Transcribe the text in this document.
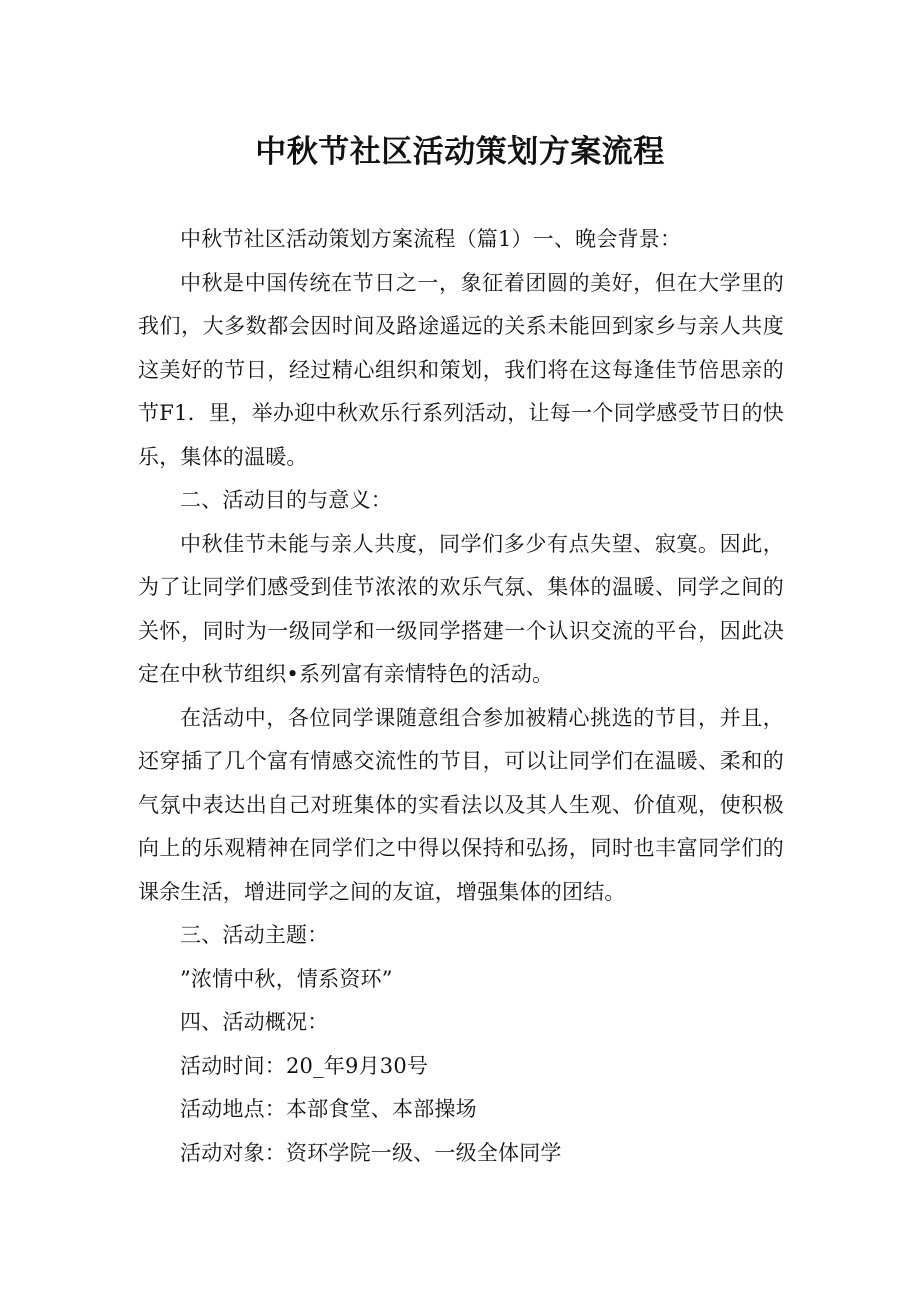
中秋节社区活动策划方案流程

中秋节社区活动策划方案流程（篇1）一、晚会背景：

中秋是中国传统在节日之一，象征着团圆的美好，但在大学里的我们，大多数都会因时间及路途遥远的关系未能回到家乡与亲人共度这美好的节日，经过精心组织和策划，我们将在这每逢佳节倍思亲的节F1．里，举办迎中秋欢乐行系列活动，让每一个同学感受节日的快乐，集体的温暖。

二、活动目的与意义：

中秋佳节未能与亲人共度，同学们多少有点失望、寂寞。因此，为了让同学们感受到佳节浓浓的欢乐气氛、集体的温暖、同学之间的关怀，同时为一级同学和一级同学搭建一个认识交流的平台，因此决定在中秋节组织•系列富有亲情特色的活动。

在活动中，各位同学课随意组合参加被精心挑选的节目，并且，还穿插了几个富有情感交流性的节目，可以让同学们在温暖、柔和的气氛中表达出自己对班集体的实看法以及其人生观、价值观，使积极向上的乐观精神在同学们之中得以保持和弘扬，同时也丰富同学们的课余生活，增进同学之间的友谊，增强集体的团结。

三、活动主题：

”浓情中秋，情系资环”

四、活动概况：

活动时间：20_年9月30号

活动地点：本部食堂、本部操场

活动对象：资环学院一级、一级全体同学
